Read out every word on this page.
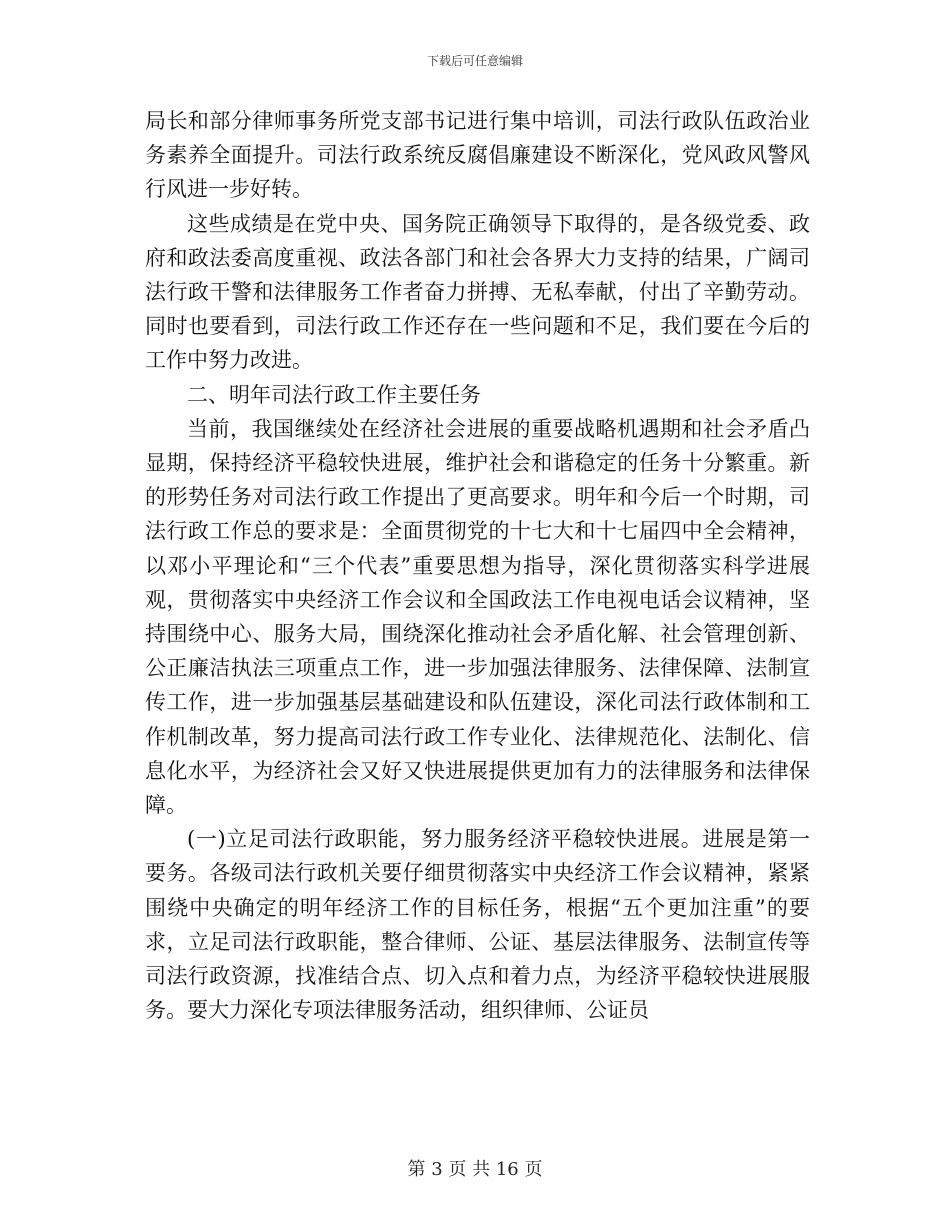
下载后可任意编辑

局长和部分律师事务所党支部书记进行集中培训，司法行政队伍政治业务素养全面提升。司法行政系统反腐倡廉建设不断深化，党风政风警风行风进一步好转。

这些成绩是在党中央、国务院正确领导下取得的，是各级党委、政府和政法委高度重视、政法各部门和社会各界大力支持的结果，广阔司法行政干警和法律服务工作者奋力拼搏、无私奉献，付出了辛勤劳动。同时也要看到，司法行政工作还存在一些问题和不足，我们要在今后的工作中努力改进。

二、明年司法行政工作主要任务

当前，我国继续处在经济社会进展的重要战略机遇期和社会矛盾凸显期，保持经济平稳较快进展，维护社会和谐稳定的任务十分繁重。新的形势任务对司法行政工作提出了更高要求。明年和今后一个时期，司法行政工作总的要求是：全面贯彻党的十七大和十七届四中全会精神，以邓小平理论和“三个代表”重要思想为指导，深化贯彻落实科学进展观，贯彻落实中央经济工作会议和全国政法工作电视电话会议精神，坚持围绕中心、服务大局，围绕深化推动社会矛盾化解、社会管理创新、公正廉洁执法三项重点工作，进一步加强法律服务、法律保障、法制宣传工作，进一步加强基层基础建设和队伍建设，深化司法行政体制和工作机制改革，努力提高司法行政工作专业化、法律规范化、法制化、信息化水平，为经济社会又好又快进展提供更加有力的法律服务和法律保障。

(一)立足司法行政职能，努力服务经济平稳较快进展。进展是第一要务。各级司法行政机关要仔细贯彻落实中央经济工作会议精神，紧紧围绕中央确定的明年经济工作的目标任务，根据“五个更加注重”的要求，立足司法行政职能，整合律师、公证、基层法律服务、法制宣传等司法行政资源，找准结合点、切入点和着力点，为经济平稳较快进展服务。要大力深化专项法律服务活动，组织律师、公证员

第 3 页 共 16 页
